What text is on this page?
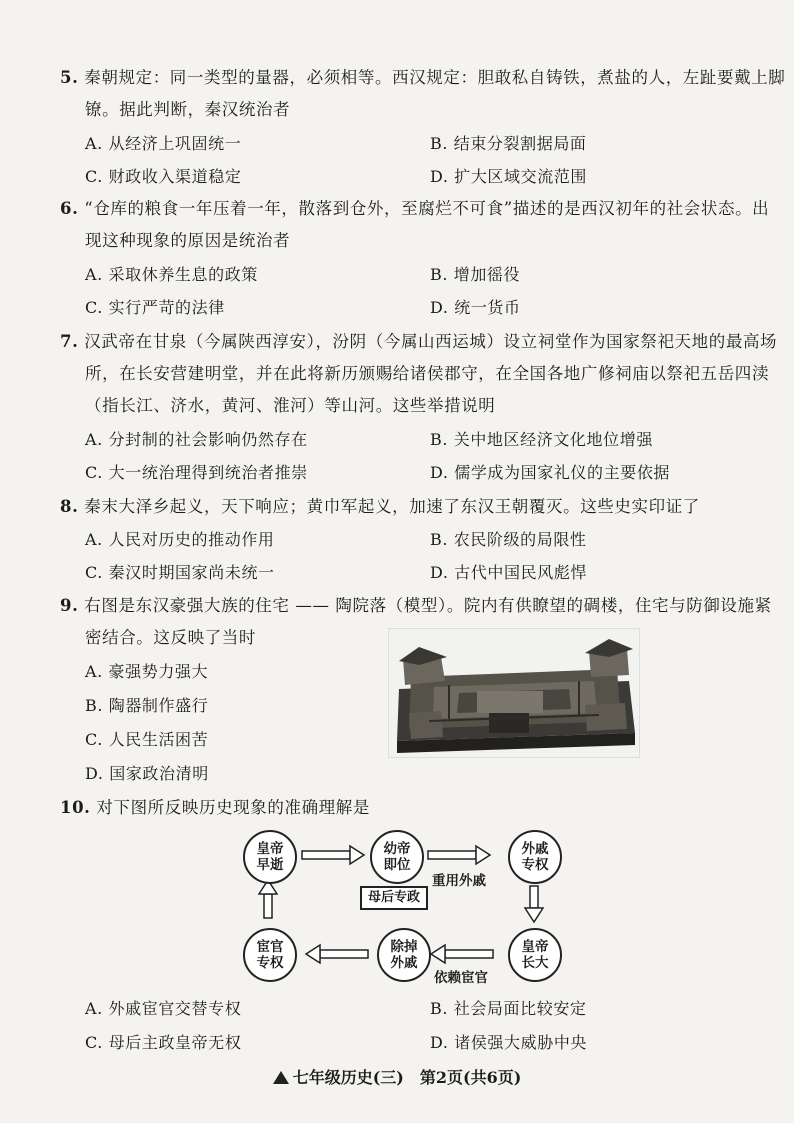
5. 秦朝规定：同一类型的量器，必须相等。西汉规定：胆敢私自铸铁，煮盐的人，左趾要戴上脚
镣。据此判断，秦汉统治者
A. 从经济上巩固统一	B. 结束分裂割据局面
C. 财政收入渠道稳定	D. 扩大区域交流范围
6. “仓库的粮食一年压着一年，散落到仓外，至腐烂不可食”描述的是西汉初年的社会状态。出
现这种现象的原因是统治者
A. 采取休养生息的政策	B. 增加徭役
C. 实行严苛的法律	D. 统一货币
7. 汉武帝在甘泉（今属陕西淳安），汾阴（今属山西运城）设立祠堂作为国家祭祀天地的最高场
所，在长安营建明堂，并在此将新历颁赐给诸侯郡守，在全国各地广修祠庙以祭祀五岳四渎
（指长江、济水，黄河、淮河）等山河。这些举措说明
A. 分封制的社会影响仍然存在	B. 关中地区经济文化地位增强
C. 大一统治理得到统治者推崇	D. 儒学成为国家礼仪的主要依据
8. 秦末大泽乡起义，天下响应；黄巾军起义，加速了东汉王朝覆灭。这些史实印证了
A. 人民对历史的推动作用	B. 农民阶级的局限性
C. 秦汉时期国家尚未统一	D. 古代中国民风彪悍
9. 右图是东汉豪强大族的住宅 —— 陶院落（模型）。院内有供瞭望的碉楼，住宅与防御设施紧
密结合。这反映了当时
A. 豪强势力强大
B. 陶器制作盛行
C. 人民生活困苦
D. 国家政治清明
10. 对下图所反映历史现象的准确理解是
皇帝
早逝
幼帝
即位
外戚
专权
皇帝
长大
除掉
外戚
宦官
专权
母后专政
重用外戚
依赖宦官
A. 外戚宦官交替专权	B. 社会局面比较安定
C. 母后主政皇帝无权	D. 诸侯强大威胁中央
七年级历史(三)　第2页(共6页)
